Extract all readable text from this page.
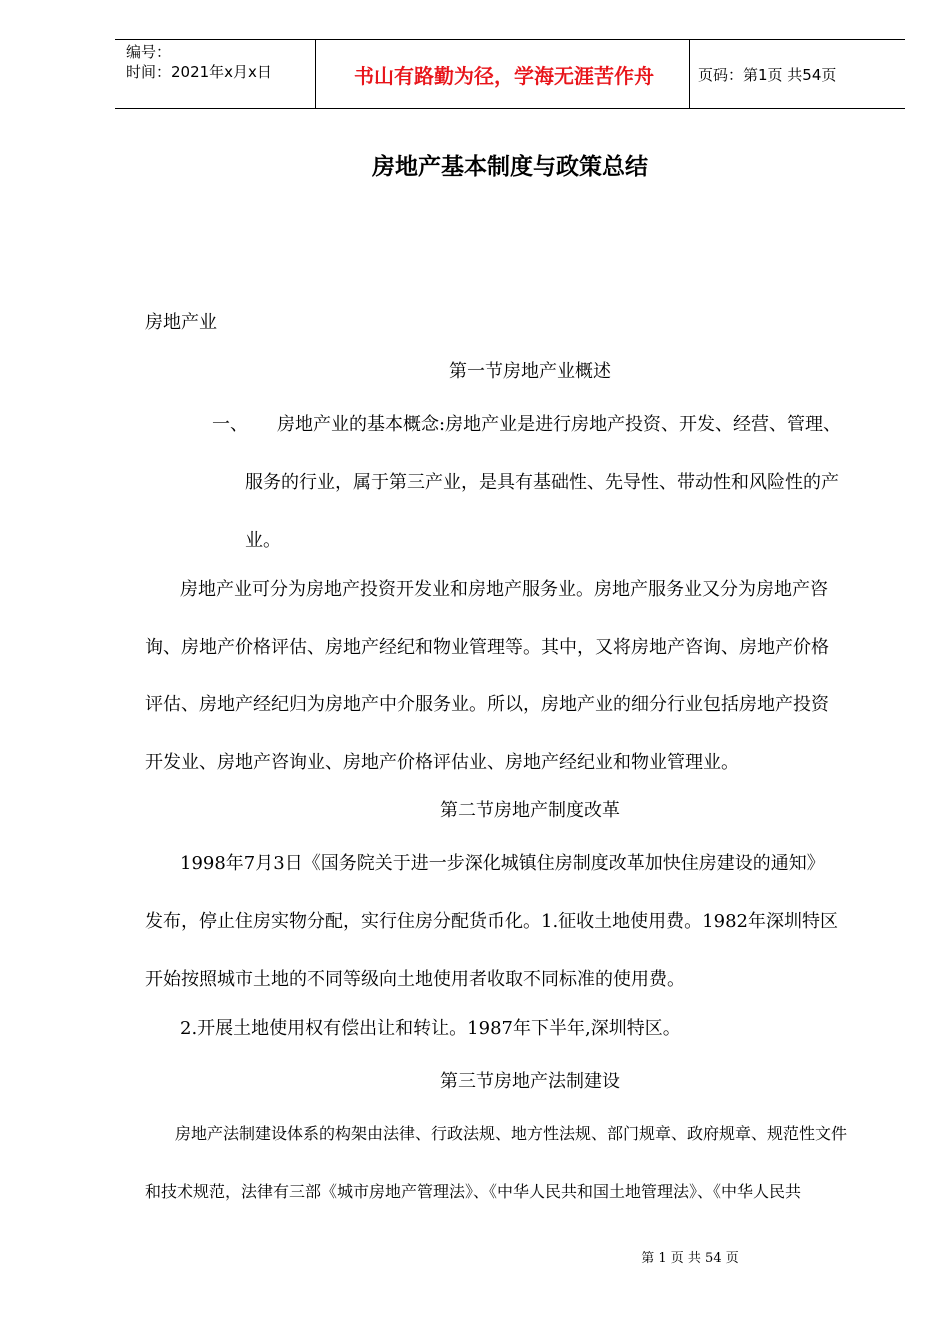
编号：
时间：2021年x月x日	书山有路勤为径，学海无涯苦作舟	页码：第1页 共54页
房地产基本制度与政策总结
房地产业
第一节房地产业概述
一、 房地产业的基本概念:房地产业是进行房地产投资、开发、经营、管理、
服务的行业，属于第三产业，是具有基础性、先导性、带动性和风险性的产
业。
房地产业可分为房地产投资开发业和房地产服务业。房地产服务业又分为房地产咨
询、房地产价格评估、房地产经纪和物业管理等。其中，又将房地产咨询、房地产价格
评估、房地产经纪归为房地产中介服务业。所以，房地产业的细分行业包括房地产投资
开发业、房地产咨询业、房地产价格评估业、房地产经纪业和物业管理业。
第二节房地产制度改革
1998年7月3日《国务院关于进一步深化城镇住房制度改革加快住房建设的通知》
发布，停止住房实物分配，实行住房分配货币化。1.征收土地使用费。1982年深圳特区
开始按照城市土地的不同等级向土地使用者收取不同标准的使用费。
2.开展土地使用权有偿出让和转让。1987年下半年,深圳特区。
第三节房地产法制建设
房地产法制建设体系的构架由法律、行政法规、地方性法规、部门规章、政府规章、规范性文件
和技术规范，法律有三部《城市房地产管理法》、《中华人民共和国土地管理法》、《中华人民共
第 1 页 共 54 页
